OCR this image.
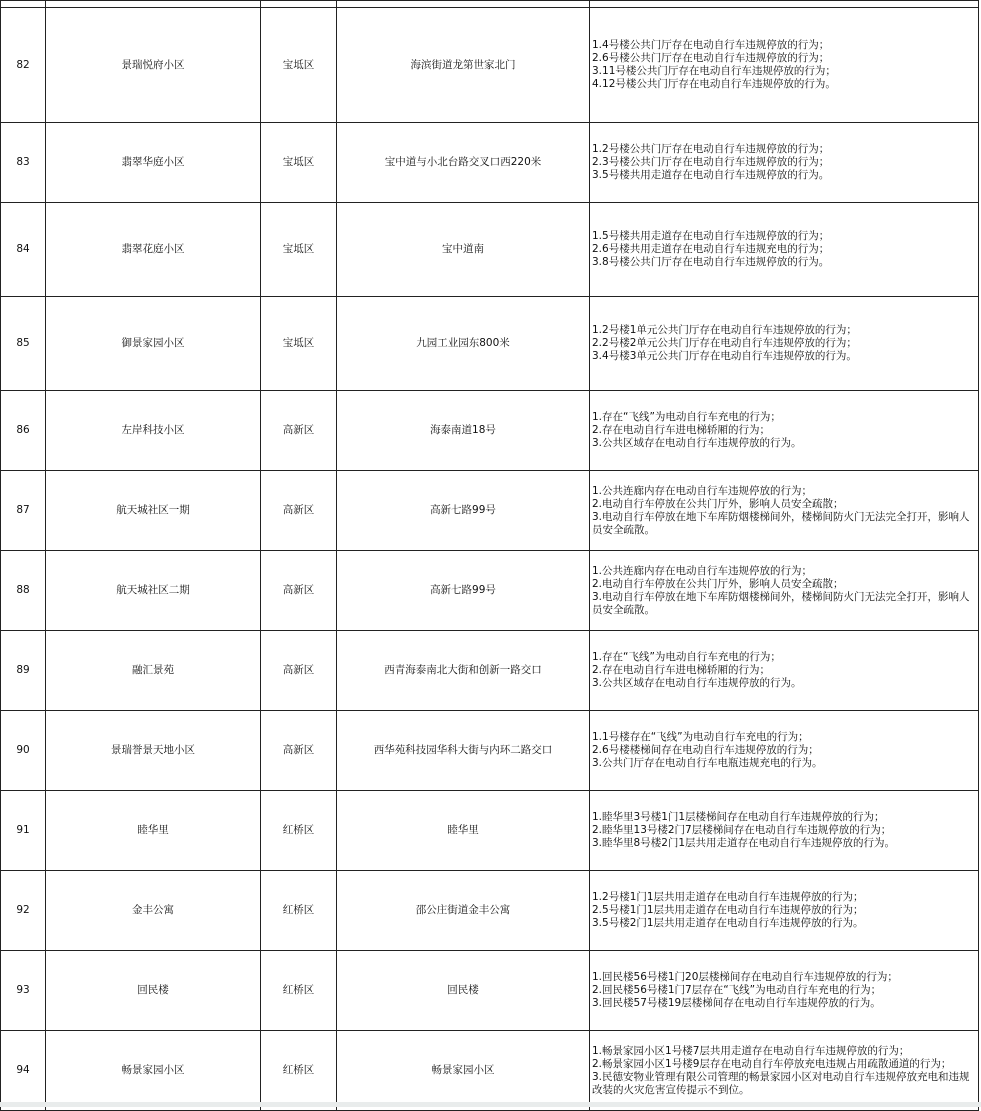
82	景瑞悦府小区	宝坻区	海滨街道龙第世家北门	1.4号楼公共门厅存在电动自行车违规停放的行为；
2.6号楼公共门厅存在电动自行车违规停放的行为；
3.11号楼公共门厅存在电动自行车违规停放的行为；
4.12号楼公共门厅存在电动自行车违规停放的行为。

83	翡翠华庭小区	宝坻区	宝中道与小北台路交叉口西220米	1.2号楼公共门厅存在电动自行车违规停放的行为；
2.3号楼公共门厅存在电动自行车违规停放的行为；
3.5号楼共用走道存在电动自行车违规停放的行为。

84	翡翠花庭小区	宝坻区	宝中道南	1.5号楼共用走道存在电动自行车违规停放的行为；
2.6号楼共用走道存在电动自行车违规充电的行为；
3.8号楼公共门厅存在电动自行车违规停放的行为。

85	御景家园小区	宝坻区	九园工业园东800米	1.2号楼1单元公共门厅存在电动自行车违规停放的行为；
2.2号楼2单元公共门厅存在电动自行车违规停放的行为；
3.4号楼3单元公共门厅存在电动自行车违规停放的行为。

86	左岸科技小区	高新区	海泰南道18号	1.存在“飞线”为电动自行车充电的行为；
2.存在电动自行车进电梯轿厢的行为；
3.公共区域存在电动自行车违规停放的行为。

87	航天城社区一期	高新区	高新七路99号	1.公共连廊内存在电动自行车违规停放的行为；
2.电动自行车停放在公共门厅外，影响人员安全疏散；
3.电动自行车停放在地下车库防烟楼梯间外，楼梯间防火门无法完全打开，影响人员安全疏散。

88	航天城社区二期	高新区	高新七路99号	1.公共连廊内存在电动自行车违规停放的行为；
2.电动自行车停放在公共门厅外，影响人员安全疏散；
3.电动自行车停放在地下车库防烟楼梯间外，楼梯间防火门无法完全打开，影响人员安全疏散。

89	融汇景苑	高新区	西青海泰南北大街和创新一路交口	1.存在“飞线”为电动自行车充电的行为；
2.存在电动自行车进电梯轿厢的行为；
3.公共区域存在电动自行车违规停放的行为。

90	景瑞誉景天地小区	高新区	西华苑科技园华科大街与内环二路交口	1.1号楼存在“飞线”为电动自行车充电的行为；
2.6号楼楼梯间存在电动自行车违规停放的行为；
3.公共门厅存在电动自行车电瓶违规充电的行为。

91	睦华里	红桥区	睦华里	1.睦华里3号楼1门1层楼梯间存在电动自行车违规停放的行为；
2.睦华里13号楼2门7层楼梯间存在电动自行车违规停放的行为；
3.睦华里8号楼2门1层共用走道存在电动自行车违规停放的行为。

92	金丰公寓	红桥区	邵公庄街道金丰公寓	1.2号楼1门1层共用走道存在电动自行车违规停放的行为；
2.5号楼1门1层共用走道存在电动自行车违规停放的行为；
3.5号楼2门1层共用走道存在电动自行车违规停放的行为。

93	回民楼	红桥区	回民楼	1.回民楼56号楼1门20层楼梯间存在电动自行车违规停放的行为；
2.回民楼56号楼1门7层存在“飞线”为电动自行车充电的行为；
3.回民楼57号楼19层楼梯间存在电动自行车违规停放的行为。

94	畅景家园小区	红桥区	畅景家园小区	1.畅景家园小区1号楼7层共用走道存在电动自行车违规停放的行为；
2.畅景家园小区1号楼9层存在电动自行车停放充电违规占用疏散通道的行为；
3.民德安物业管理有限公司管理的畅景家园小区对电动自行车违规停放充电和违规改装的火灾危害宣传提示不到位。
